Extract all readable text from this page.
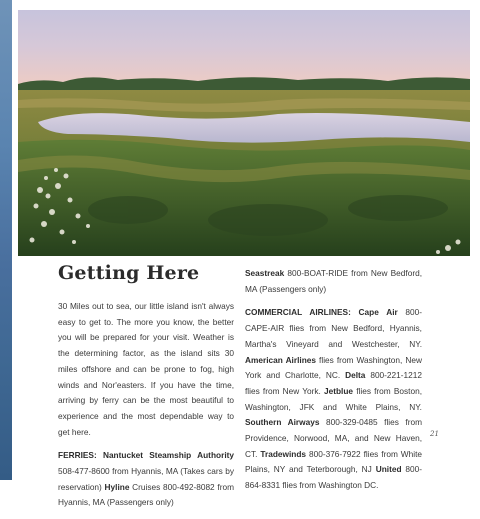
Getting Here

30 Miles out to sea, our little island isn't always easy to get to. The more you know, the better you will be prepared for your visit. Weather is the determining factor, as the island sits 30 miles offshore and can be prone to fog, high winds and Nor'easters. If you have the time, arriving by ferry can be the most beautiful to experience and the most dependable way to get here.

FERRIES: Nantucket Steamship Authority 508-477-8600 from Hyannis, MA (Takes cars by reservation) Hyline Cruises 800-492-8082 from Hyannis, MA (Passengers only)

Seastreak 800-BOAT-RIDE from New Bedford, MA (Passengers only)

COMMERCIAL AIRLINES: Cape Air 800-CAPE-AIR flies from New Bedford, Hyannis, Martha's Vineyard and Westchester, NY. American Airlines flies from Washington, New York and Charlotte, NC. Delta 800-221-1212 flies from New York. Jetblue flies from Boston, Washington, JFK and White Plains, NY. Southern Airways 800-329-0485 flies from Providence, Norwood, MA, and New Haven, CT. Tradewinds 800-376-7922 flies from White Plains, NY and Teterborough, NJ United 800-864-8331 flies from Washington DC.

21
